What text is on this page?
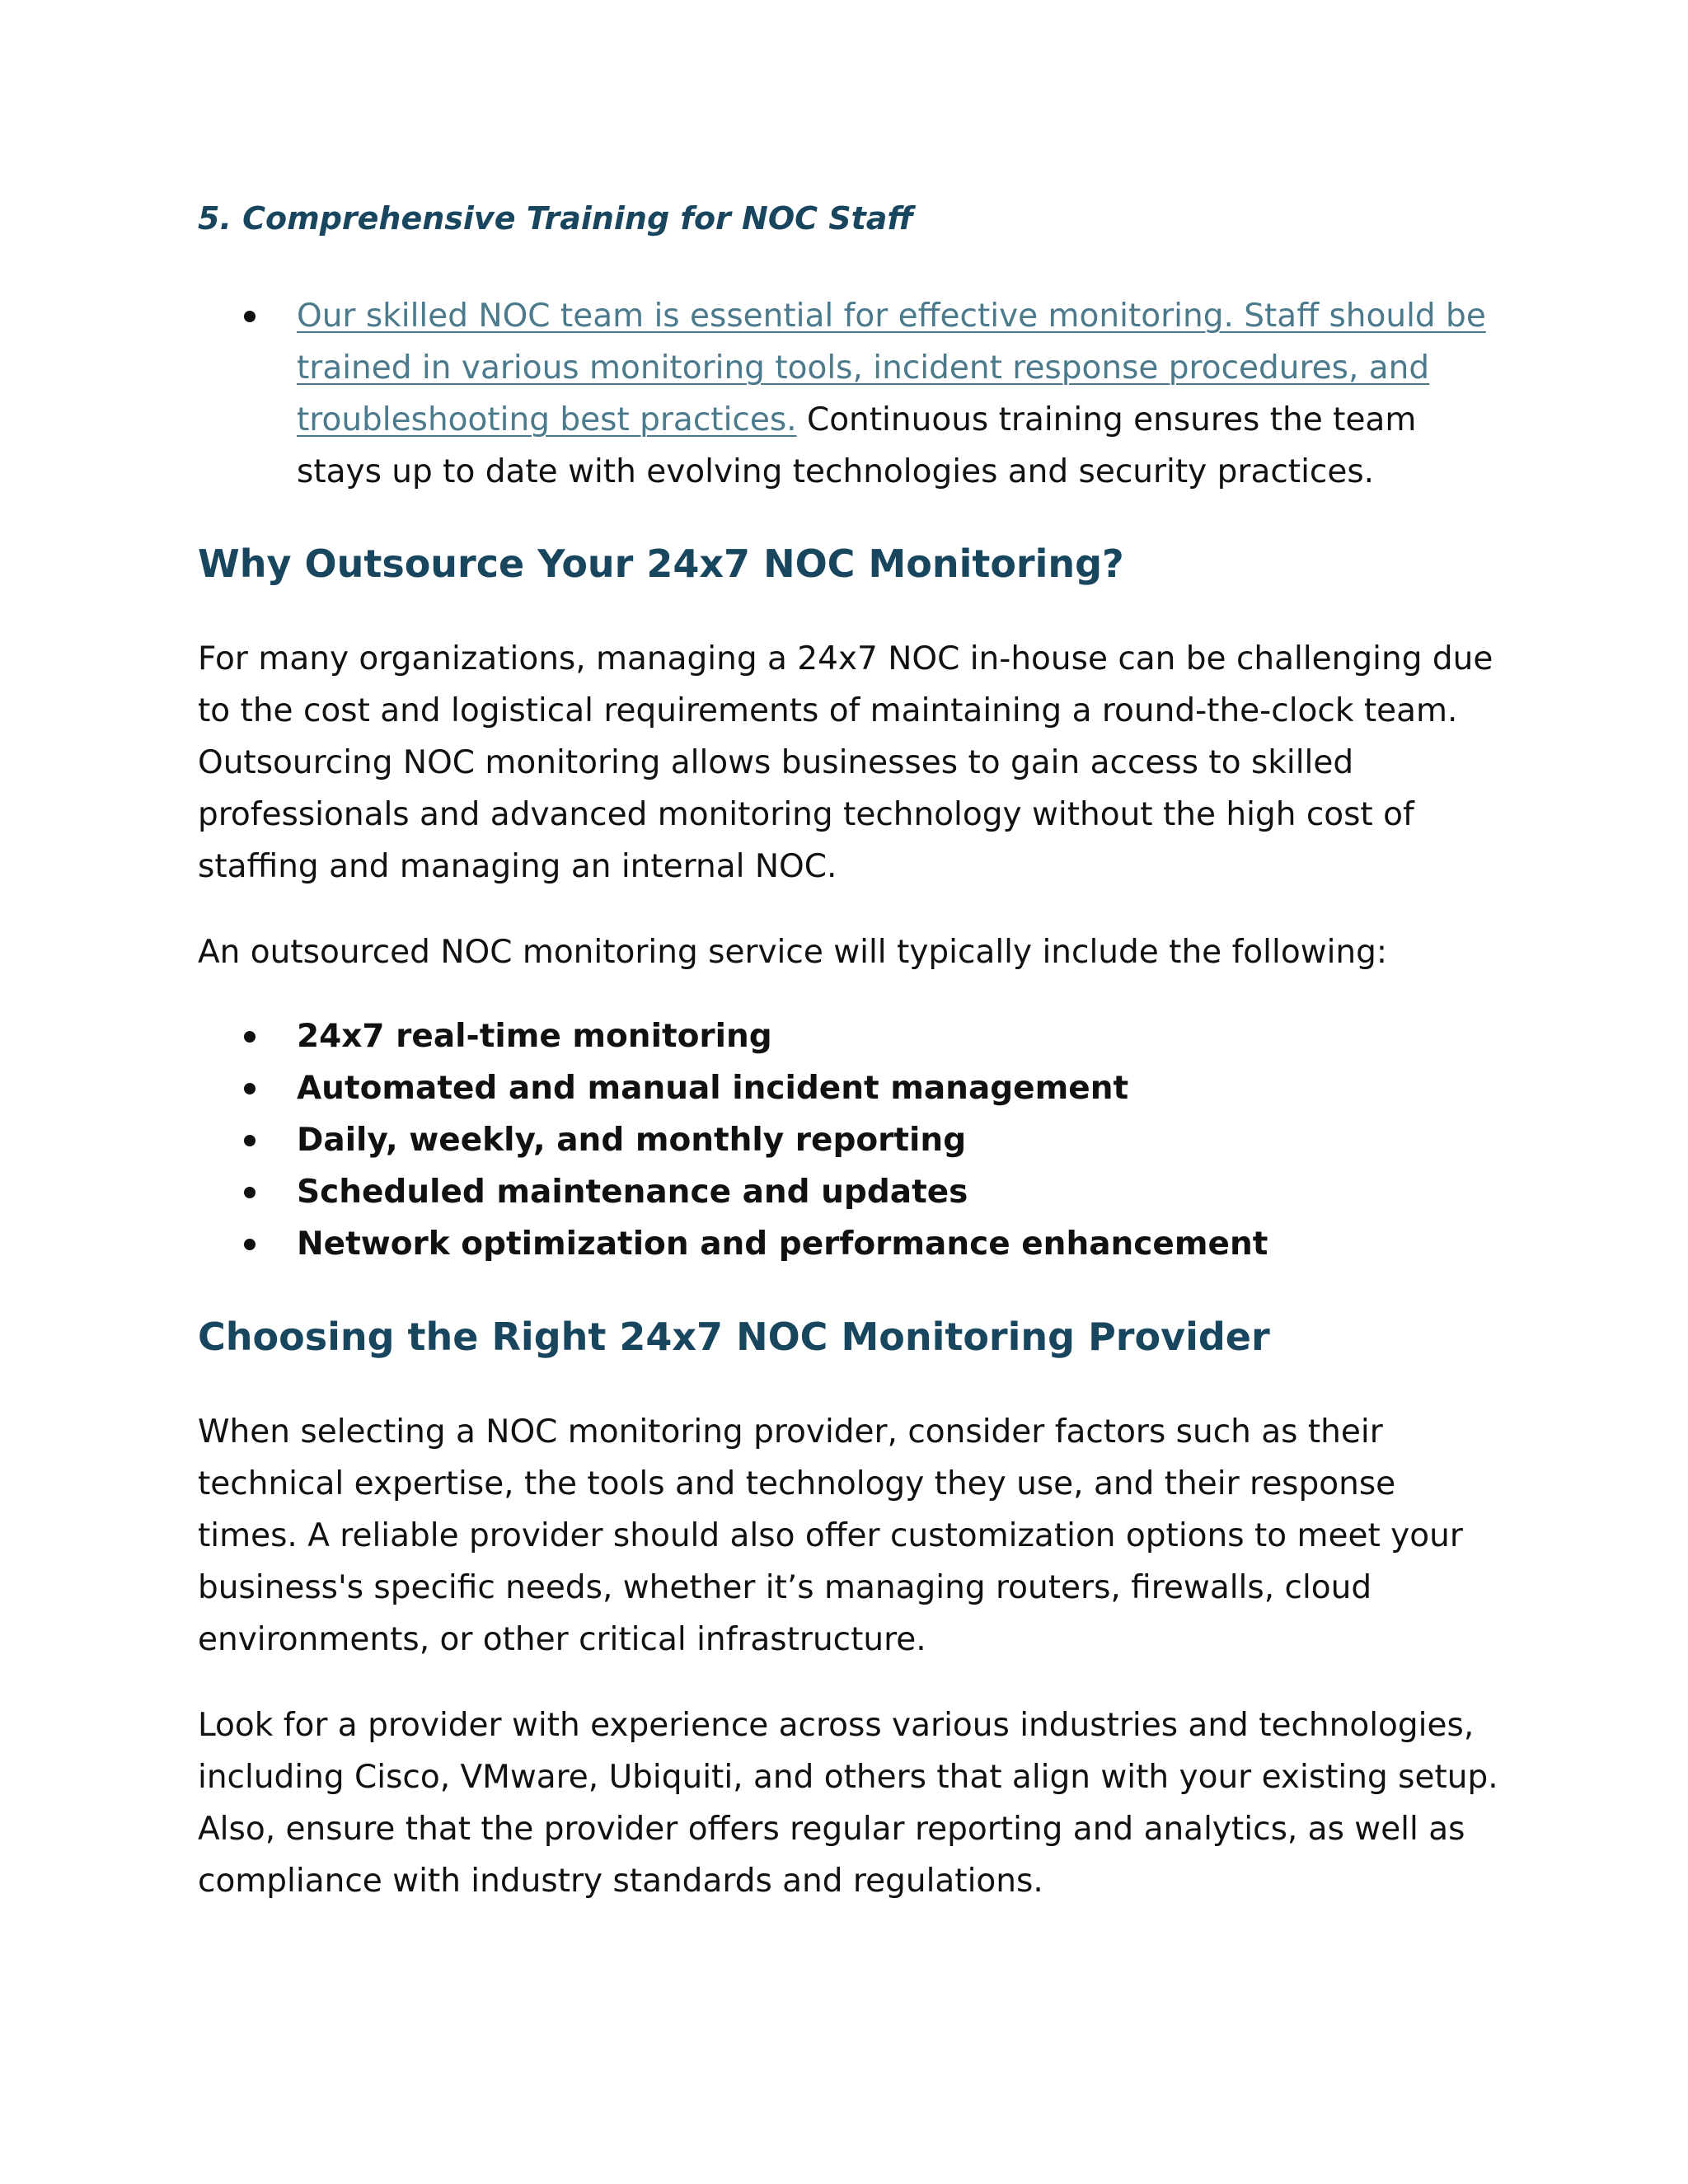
5. Comprehensive Training for NOC Staff
Our skilled NOC team is essential for effective monitoring. Staff should be trained in various monitoring tools, incident response procedures, and troubleshooting best practices. Continuous training ensures the team stays up to date with evolving technologies and security practices.
Why Outsource Your 24x7 NOC Monitoring?

For many organizations, managing a 24x7 NOC in-house can be challenging due to the cost and logistical requirements of maintaining a round-the-clock team. Outsourcing NOC monitoring allows businesses to gain access to skilled professionals and advanced monitoring technology without the high cost of staffing and managing an internal NOC.

An outsourced NOC monitoring service will typically include the following:

24x7 real-time monitoring
Automated and manual incident management
Daily, weekly, and monthly reporting
Scheduled maintenance and updates
Network optimization and performance enhancement
Choosing the Right 24x7 NOC Monitoring Provider

When selecting a NOC monitoring provider, consider factors such as their technical expertise, the tools and technology they use, and their response times. A reliable provider should also offer customization options to meet your business's specific needs, whether it’s managing routers, firewalls, cloud environments, or other critical infrastructure.

Look for a provider with experience across various industries and technologies, including Cisco, VMware, Ubiquiti, and others that align with your existing setup. Also, ensure that the provider offers regular reporting and analytics, as well as compliance with industry standards and regulations.
